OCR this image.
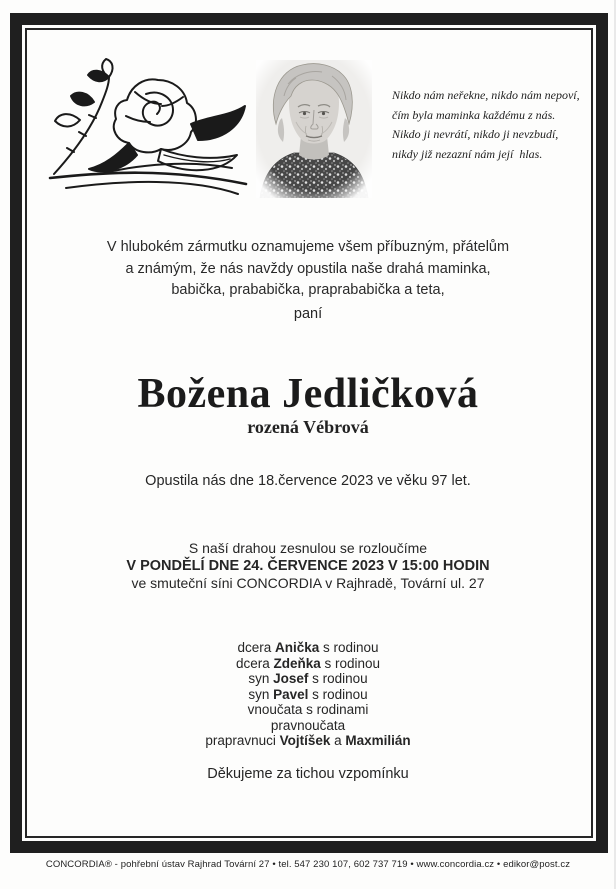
Nikdo nám neřekne, nikdo nám nepoví,
čím byla maminka každému z nás.
Nikdo ji nevrátí, nikdo ji nevzbudí,
nikdy již nezazní nám její  hlas.
V hlubokém zármutku oznamujeme všem příbuzným, přátelům
a známým, že nás navždy opustila naše drahá maminka,
babička, prababička, praprababička a teta,
paní
Božena Jedličková
rozená Vébrová
Opustila nás dne 18.července 2023 ve věku 97 let.
S naší drahou zesnulou se rozloučíme
V PONDĚLÍ DNE 24. ČERVENCE 2023 V 15:00 HODIN
ve smuteční síni CONCORDIA v Rajhradě, Tovární ul. 27
dcera Anička s rodinou
dcera Zdeňka s rodinou
syn Josef s rodinou
syn Pavel s rodinou
vnoučata s rodinami
pravnoučata
prapravnuci Vojtíšek a Maxmilián
Děkujeme za tichou vzpomínku
CONCORDIA® - pohřební ústav Rajhrad Tovární 27 • tel. 547 230 107, 602 737 719 • www.concordia.cz • edikor@post.cz
